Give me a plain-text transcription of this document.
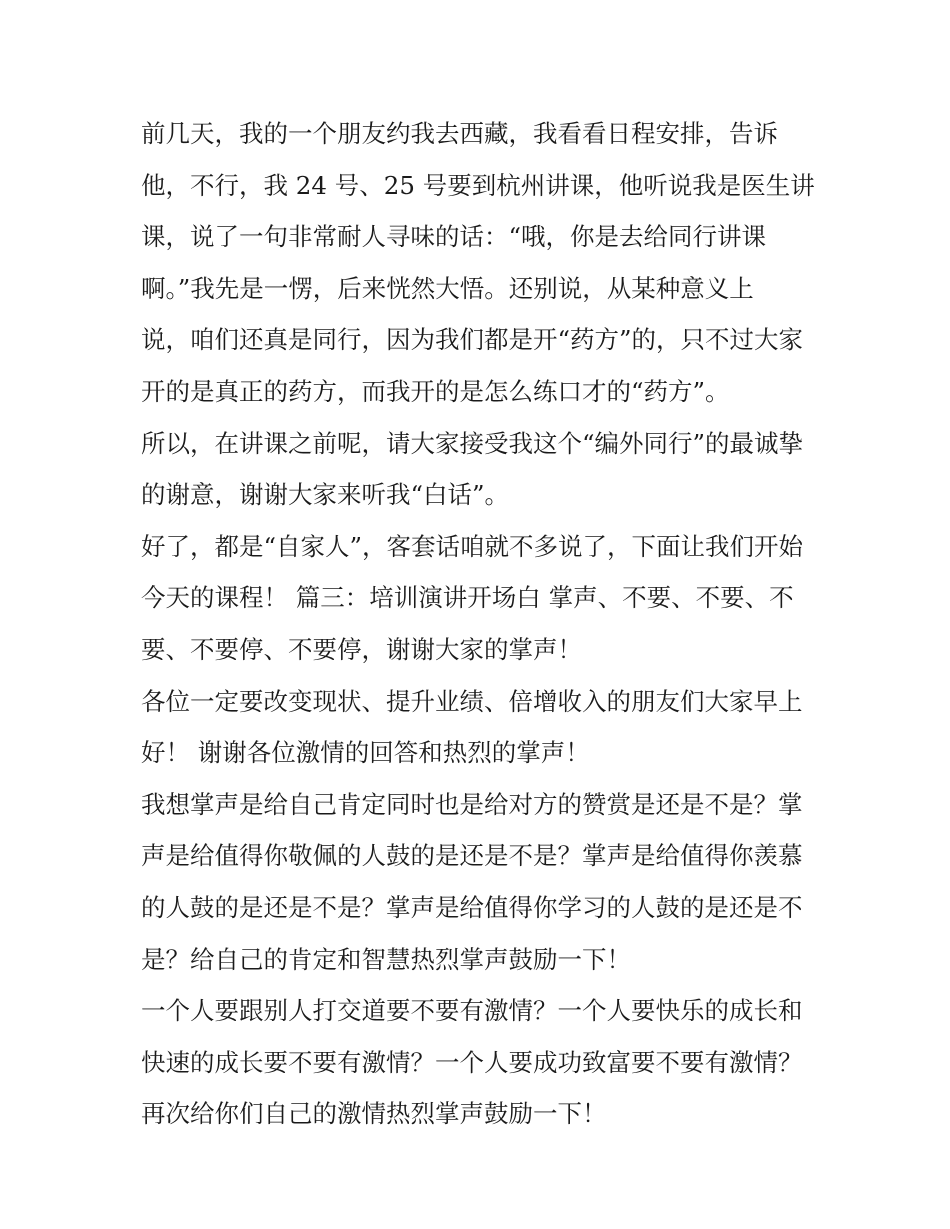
前几天，我的一个朋友约我去西藏，我看看日程安排，告诉
他，不行，我 24 号、25 号要到杭州讲课，他听说我是医生讲
课，说了一句非常耐人寻味的话：“哦，你是去给同行讲课
啊。”我先是一愣，后来恍然大悟。还别说，从某种意义上
说，咱们还真是同行，因为我们都是开“药方”的，只不过大家
开的是真正的药方，而我开的是怎么练口才的“药方”。
所以，在讲课之前呢，请大家接受我这个“编外同行”的最诚挚
的谢意，谢谢大家来听我“白话”。
好了，都是“自家人”，客套话咱就不多说了，下面让我们开始
今天的课程！ 篇三：培训演讲开场白 掌声、不要、不要、不
要、不要停、不要停，谢谢大家的掌声！
各位一定要改变现状、提升业绩、倍增收入的朋友们大家早上
好！ 谢谢各位激情的回答和热烈的掌声！
我想掌声是给自己肯定同时也是给对方的赞赏是还是不是？掌
声是给值得你敬佩的人鼓的是还是不是？掌声是给值得你羡慕
的人鼓的是还是不是？掌声是给值得你学习的人鼓的是还是不
是？给自己的肯定和智慧热烈掌声鼓励一下！
一个人要跟别人打交道要不要有激情？一个人要快乐的成长和
快速的成长要不要有激情？一个人要成功致富要不要有激情？
再次给你们自己的激情热烈掌声鼓励一下！
